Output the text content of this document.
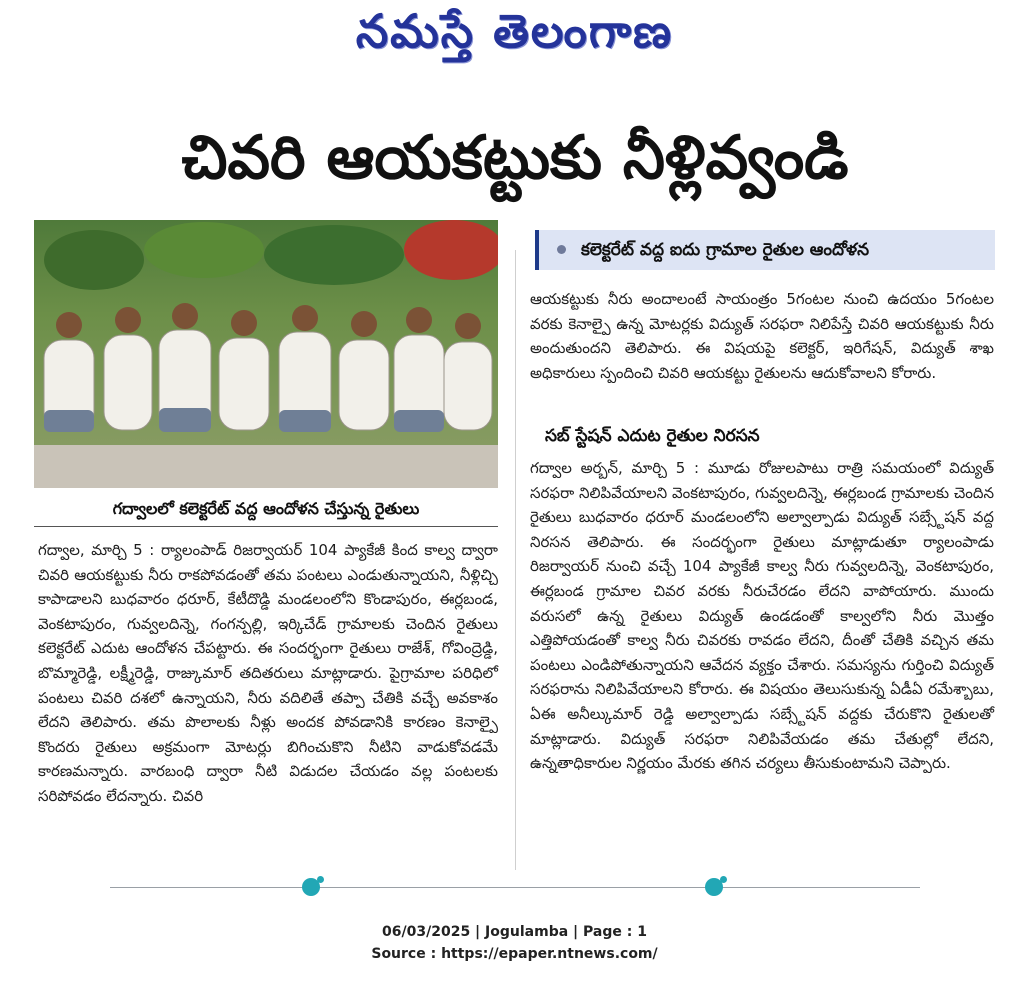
నమస్తే తెలంగాణ
చివరి ఆయకట్టుకు నీళ్లివ్వండి
గద్వాలలో కలెక్టరేట్ వద్ద ఆందోళన చేస్తున్న రైతులు

గద్వాల, మార్చి 5 : ర్యాలంపాడ్ రిజర్వాయర్ 104 ప్యాకేజీ కింద కాల్వ ద్వారా చివరి ఆయకట్టుకు నీరు రాకపోవడంతో తమ పంటలు ఎండుతున్నాయని, నీళ్లిచ్చి కాపాడాలని బుధవారం ధరూర్, కేటీదొడ్డి మండలంలోని కొండాపురం, ఈర్లబండ, వెంకటాపురం, గువ్వలదిన్నె, గంగన్పల్లి, ఇర్కిచేడ్ గ్రామాలకు చెందిన రైతులు కలెక్టరేట్ ఎదుట ఆందోళన చేపట్టారు. ఈ సందర్భంగా రైతులు రాజేశ్, గోవింద్రెడ్డి, బొమ్మారెడ్డి, లక్ష్మీరెడ్డి, రాజ్కుమార్ తదితరులు మాట్లాడారు. పైగ్రామాల పరిధిలో పంటలు చివరి దశలో ఉన్నాయని, నీరు వదిలితే తప్పా చేతికి వచ్చే అవకాశం లేదని తెలిపారు. తమ పొలాలకు నీళ్లు అందక పోవడానికి కారణం కెనాల్పై కొందరు రైతులు అక్రమంగా మోటర్లు బిగించుకొని నీటిని వాడుకోవడమే కారణమన్నారు. వారబంధి ద్వారా నీటి విడుదల చేయడం వల్ల పంటలకు సరిపోవడం లేదన్నారు. చివరి

కలెక్టరేట్ వద్ద ఐదు గ్రామాల రైతుల ఆందోళన

ఆయకట్టుకు నీరు అందాలంటే సాయంత్రం 5గంటల నుంచి ఉదయం 5గంటల వరకు కెనాల్పై ఉన్న మోటర్లకు విద్యుత్ సరఫరా నిలిపేస్తే చివరి ఆయకట్టుకు నీరు అందుతుందని తెలిపారు. ఈ విషయపై కలెక్టర్, ఇరిగేషన్, విద్యుత్ శాఖ అధికారులు స్పందించి చివరి ఆయకట్టు రైతులను ఆదుకోవాలని కోరారు.

సబ్ స్టేషన్ ఎదుట రైతుల నిరసన

గద్వాల అర్బన్, మార్చి 5 : మూడు రోజులపాటు రాత్రి సమయంలో విద్యుత్ సరఫరా నిలిపివేయాలని వెంకటాపురం, గువ్వలదిన్నె, ఈర్లబండ గ్రామాలకు చెందిన రైతులు బుధవారం ధరూర్ మండలంలోని అల్వాల్పాడు విద్యుత్ సబ్స్టేషన్ వద్ద నిరసన తెలిపారు. ఈ సందర్భంగా రైతులు మాట్లాడుతూ ర్యాలంపాడు రిజర్వాయర్ నుంచి వచ్చే 104 ప్యాకేజీ కాల్వ నీరు గువ్వలదిన్నె, వెంకటాపురం, ఈర్లబండ గ్రామాల చివర వరకు నీరుచేరడం లేదని వాపోయారు. ముందు వరుసలో ఉన్న రైతులు విద్యుత్ ఉండడంతో కాల్వలోని నీరు మొత్తం ఎత్తిపోయడంతో కాల్వ నీరు చివరకు రావడం లేదని, దీంతో చేతికి వచ్చిన తమ పంటలు ఎండిపోతున్నాయని ఆవేదన వ్యక్తం చేశారు. సమస్యను గుర్తించి విద్యుత్ సరఫరాను నిలిపివేయాలని కోరారు. ఈ విషయం తెలుసుకున్న ఏడీఏ రమేశ్బాబు, ఏఈ అనీల్కుమార్ రెడ్డి అల్వాల్పాడు సబ్స్టేషన్ వద్దకు చేరుకొని రైతులతో మాట్లాడారు. విద్యుత్ సరఫరా నిలిపివేయడం తమ చేతుల్లో లేదని, ఉన్నతాధికారుల నిర్ణయం మేరకు తగిన చర్యలు తీసుకుంటామని చెప్పారు.

06/03/2025 | Jogulamba | Page : 1
Source : https://epaper.ntnews.com/
